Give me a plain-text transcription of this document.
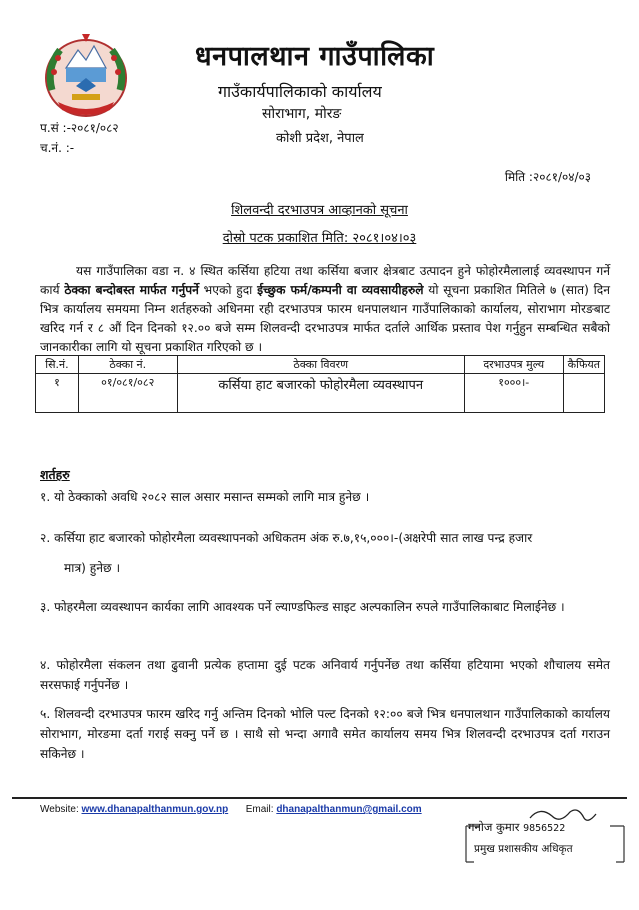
धनपालथान गाउँपालिका
गाउँकार्यपालिकाको कार्यालय
सोराभाग, मोरङ
कोशी प्रदेश, नेपाल
प.सं :-२०८१/०८२
च.नं. :-
मिति :२०८१/०४/०३
शिलवन्दी दरभाउपत्र आव्हानको सूचना
दोस्रो पटक प्रकाशित मिति: २०८१।०४।०३
यस गाउँपालिका वडा न. ४ स्थित कर्सिया हटिया तथा कर्सिया बजार क्षेत्रबाट उत्पादन हुने फोहोरमैलालाई व्यवस्थापन गर्ने कार्य ठेक्का बन्दोबस्त मार्फत गर्नुपर्ने भएको हुदा ईच्छुक फर्म/कम्पनी वा व्यवसायीहरुले यो सूचना प्रकाशित मितिले ७ (सात) दिन भित्र कार्यालय समयमा निम्न शर्तहरुको अधिनमा रही दरभाउपत्र फारम धनपालथान गाउँपालिकाको कार्यालय, सोराभाग मोरङबाट खरिद गर्न र ८ औं दिन दिनको १२.०० बजे सम्म शिलवन्दी दरभाउपत्र मार्फत दर्ताले आर्थिक प्रस्ताव पेश गर्नुहुन सम्बन्धित सबैको जानकारीका लागि यो सूचना प्रकाशित गरिएको छ ।
सि.नं.	ठेक्का नं.	ठेक्का विवरण	दरभाउपत्र मुल्य	कैफियत
१	०१/०८१/०८२	कर्सिया हाट बजारको फोहोरमैला व्यवस्थापन	१०००।-	
शर्तहरु
१. यो ठेक्काको अवधि २०८२ साल असार मसान्त सम्मको लागि मात्र हुनेछ ।
२. कर्सिया हाट बजारको फोहोरमैला व्यवस्थापनको अधिकतम अंक रु.७,१५,०००।-(अक्षरेपी सात लाख पन्द्र हजार
मात्र) हुनेछ ।
३. फोहरमैला व्यवस्थापन कार्यका लागि आवश्यक पर्ने ल्याण्डफिल्ड साइट अल्पकालिन रुपले गाउँपालिकाबाट मिलाईनेछ ।
४. फोहोरमैला संकलन तथा ढुवानी प्रत्येक हप्तामा दुई पटक अनिवार्य गर्नुपर्नेछ तथा कर्सिया हटियामा भएको शौचालय समेत सरसफाई गर्नुपर्नेछ ।
५. शिलवन्दी दरभाउपत्र फारम खरिद गर्नु अन्तिम दिनको भोलि पल्ट दिनको १२:०० बजे भित्र धनपालथान गाउँपालिकाको कार्यालय सोराभाग, मोरङमा दर्ता गराई सक्नु पर्ने छ । साथै सो भन्दा अगावै समेत कार्यालय समय भित्र शिलवन्दी दरभाउपत्र दर्ता गराउन सकिनेछ ।
Website: www.dhanapalthanmun.gov.np Email: dhanapalthanmun@gmail.com
गनोज कुमार 9856522
प्रमुख प्रशासकीय अधिकृत
